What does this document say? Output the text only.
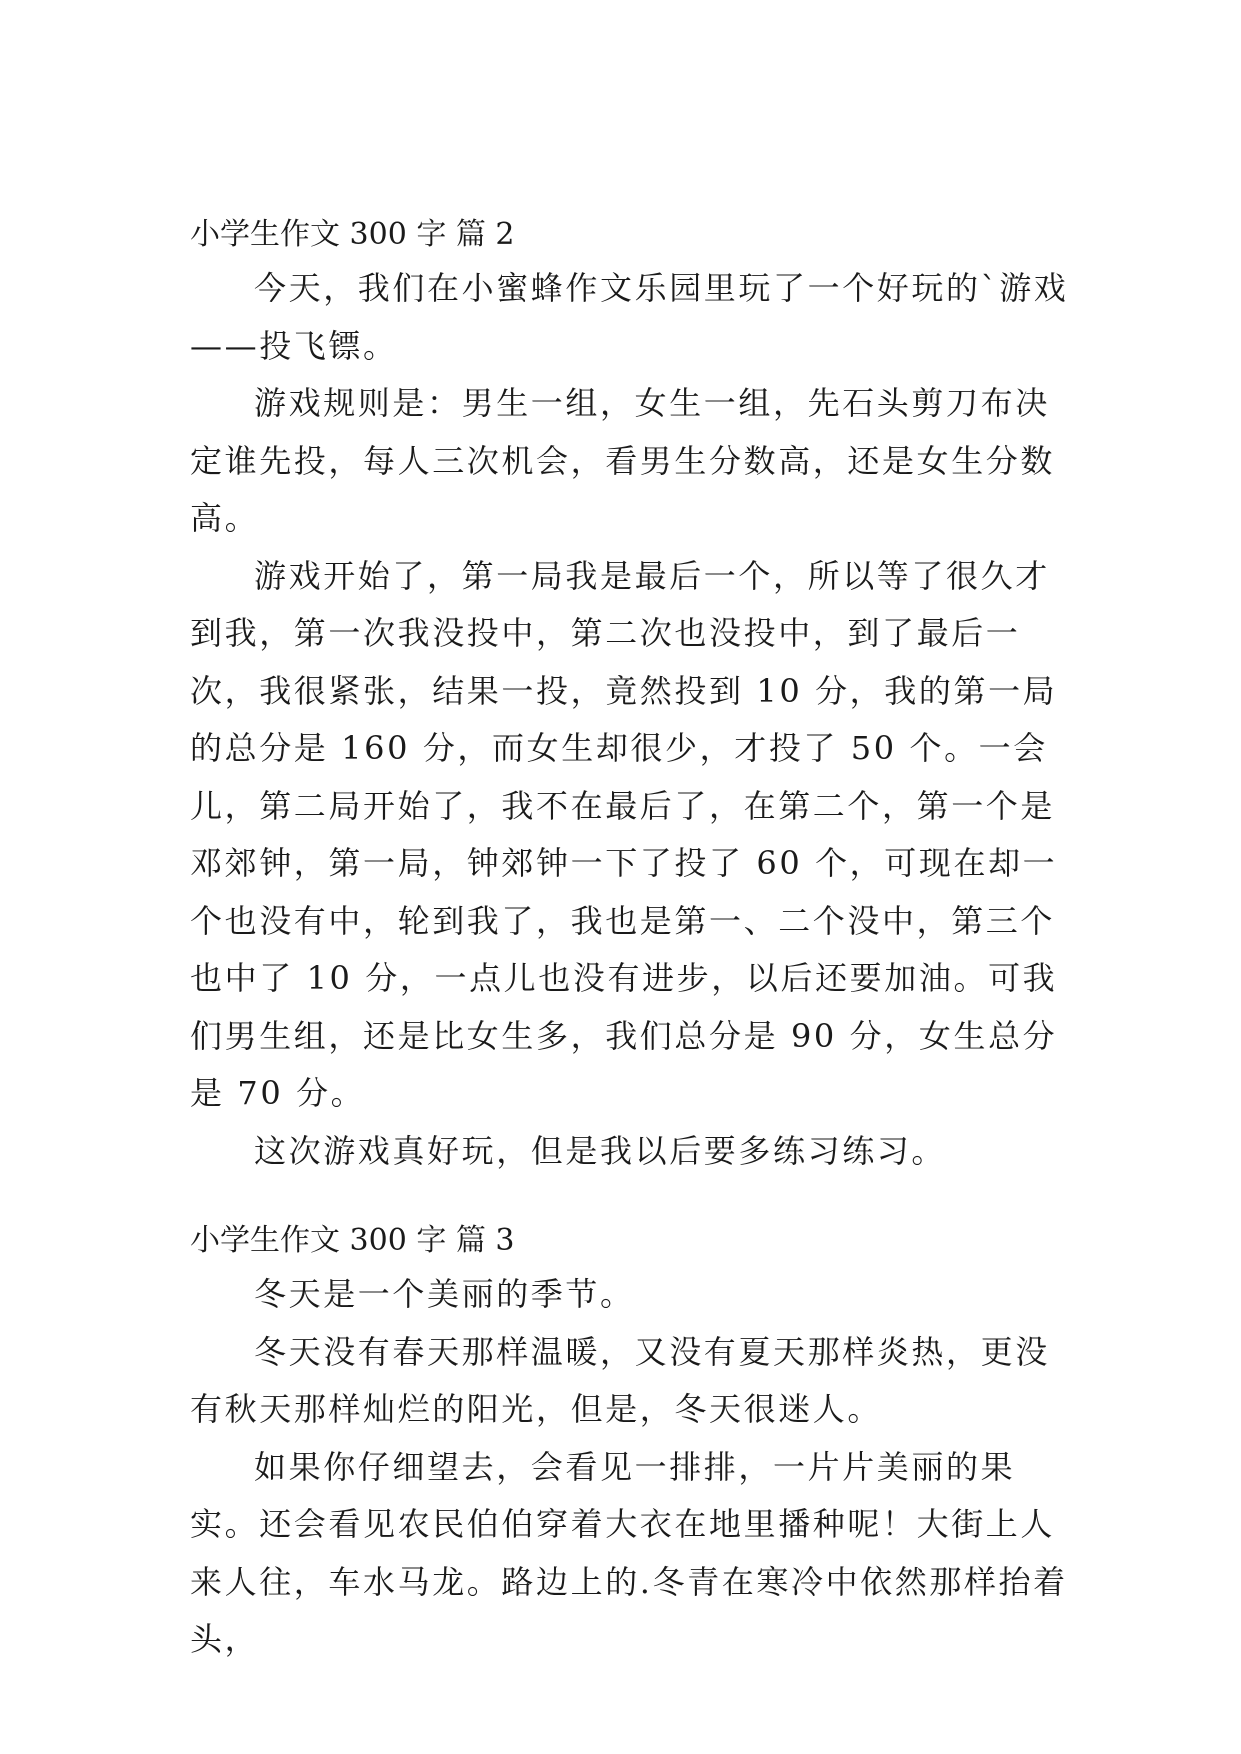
小学生作文 300 字 篇 2

今天，我们在小蜜蜂作文乐园里玩了一个好玩的`游戏——投飞镖。

游戏规则是：男生一组，女生一组，先石头剪刀布决定谁先投，每人三次机会，看男生分数高，还是女生分数高。

游戏开始了，第一局我是最后一个，所以等了很久才到我，第一次我没投中，第二次也没投中，到了最后一次，我很紧张，结果一投，竟然投到 10 分，我的第一局的总分是 160 分，而女生却很少，才投了 50 个。一会儿，第二局开始了，我不在最后了，在第二个，第一个是邓郊钟，第一局，钟郊钟一下了投了 60 个，可现在却一个也没有中，轮到我了，我也是第一、二个没中，第三个也中了 10 分，一点儿也没有进步，以后还要加油。可我们男生组，还是比女生多，我们总分是 90 分，女生总分是 70 分。

这次游戏真好玩，但是我以后要多练习练习。

小学生作文 300 字 篇 3

冬天是一个美丽的季节。

冬天没有春天那样温暖，又没有夏天那样炎热，更没有秋天那样灿烂的阳光，但是，冬天很迷人。

如果你仔细望去，会看见一排排，一片片美丽的果实。还会看见农民伯伯穿着大衣在地里播种呢！大街上人来人往，车水马龙。路边上的.冬青在寒冷中依然那样抬着头，
